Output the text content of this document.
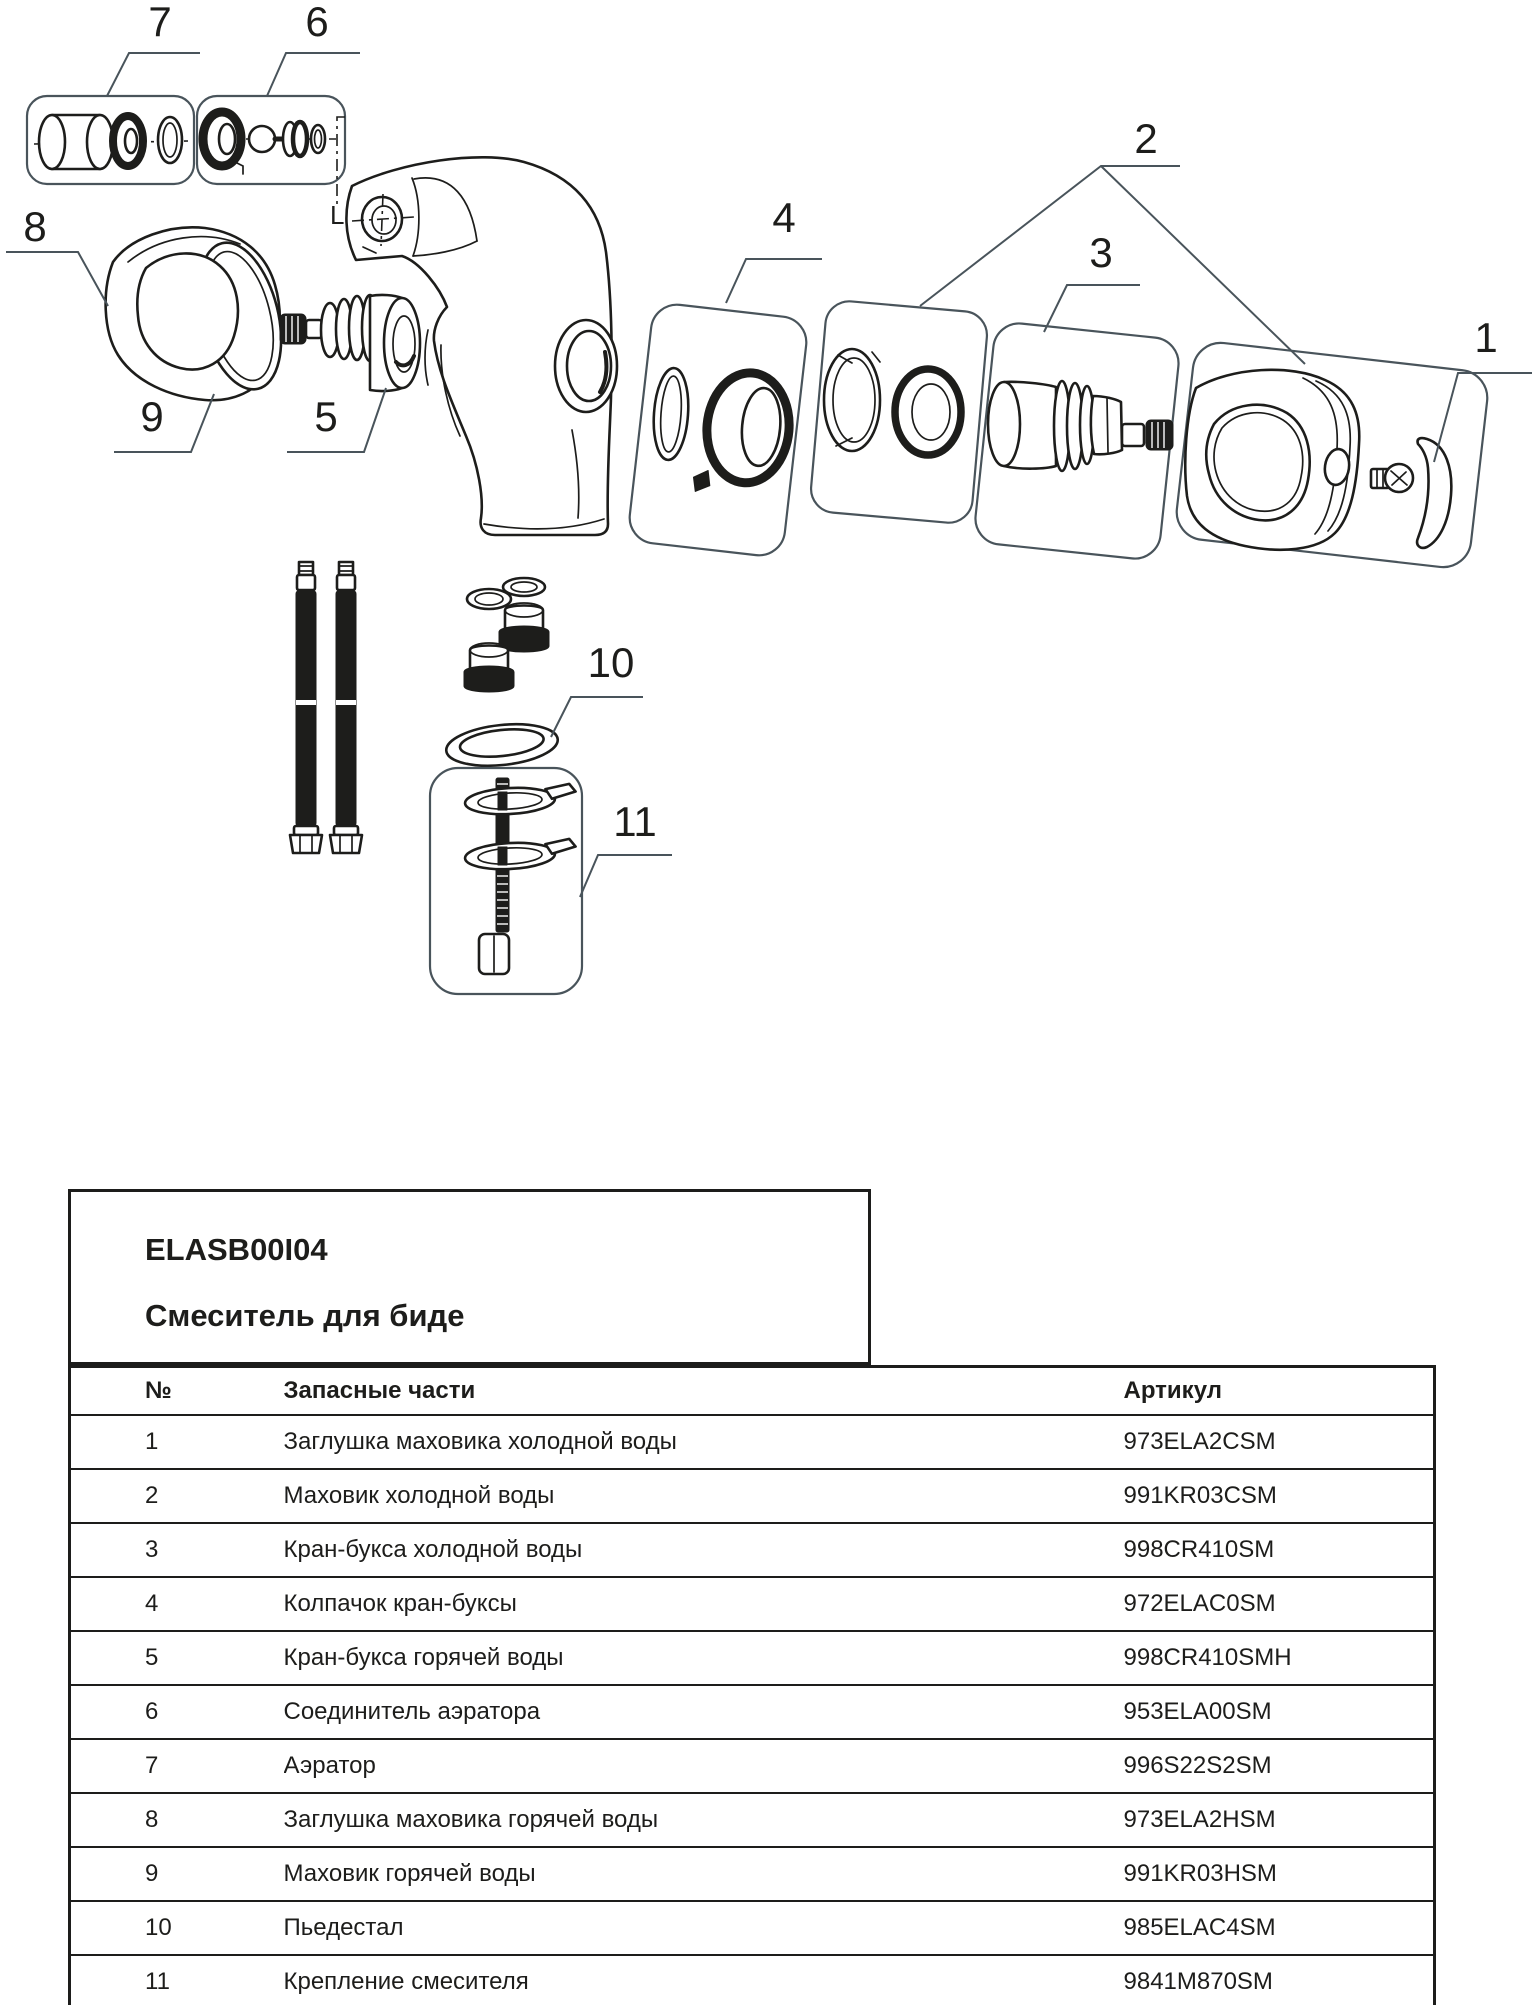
1
2
3
4
5
6
7
8
9
10
11
L
ELASB00I04
Смеситель для биде
№	Запасные части	Артикул
1	Заглушка маховика холодной воды	973ELA2CSM
2	Маховик холодной воды	991KR03CSM
3	Кран-букса холодной воды	998CR410SM
4	Колпачок кран-буксы	972ELAC0SM
5	Кран-букса горячей воды	998CR410SMH
6	Соединитель аэратора	953ELA00SM
7	Аэратор	996S22S2SM
8	Заглушка маховика горячей воды	973ELA2HSM
9	Маховик горячей воды	991KR03HSM
10	Пьедестал	985ELAC4SM
11	Крепление смесителя	9841M870SM
